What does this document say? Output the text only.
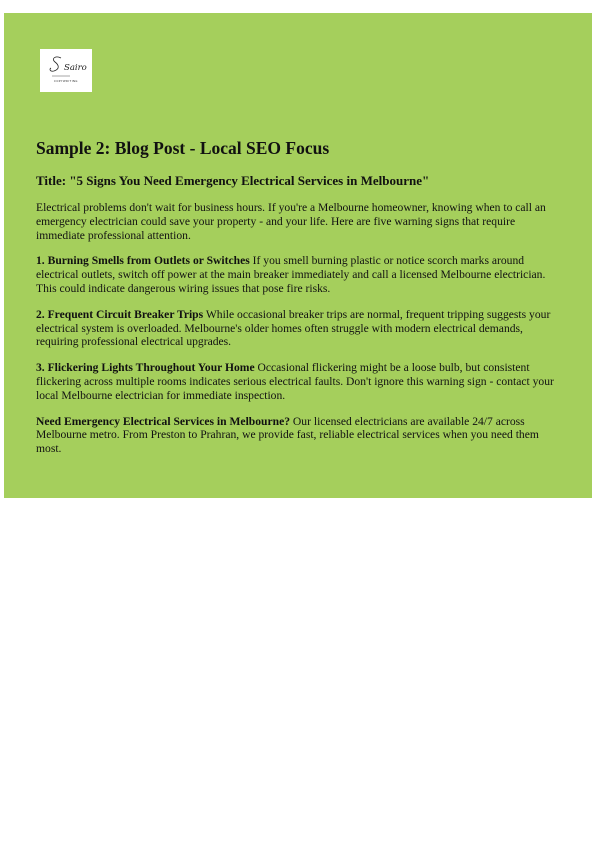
Sairo
COPYWRITING
Sample 2: Blog Post - Local SEO Focus
Title: "5 Signs You Need Emergency Electrical Services in Melbourne"

Electrical problems don't wait for business hours. If you're a Melbourne homeowner, knowing when to call an emergency electrician could save your property - and your life. Here are five warning signs that require immediate professional attention.

1. Burning Smells from Outlets or Switches If you smell burning plastic or notice scorch marks around electrical outlets, switch off power at the main breaker immediately and call a licensed Melbourne electrician. This could indicate dangerous wiring issues that pose fire risks.

2. Frequent Circuit Breaker Trips While occasional breaker trips are normal, frequent tripping suggests your electrical system is overloaded. Melbourne's older homes often struggle with modern electrical demands, requiring professional electrical upgrades.

3. Flickering Lights Throughout Your Home Occasional flickering might be a loose bulb, but consistent flickering across multiple rooms indicates serious electrical faults. Don't ignore this warning sign - contact your local Melbourne electrician for immediate inspection.

Need Emergency Electrical Services in Melbourne? Our licensed electricians are available 24/7 across Melbourne metro. From Preston to Prahran, we provide fast, reliable electrical services when you need them most.
